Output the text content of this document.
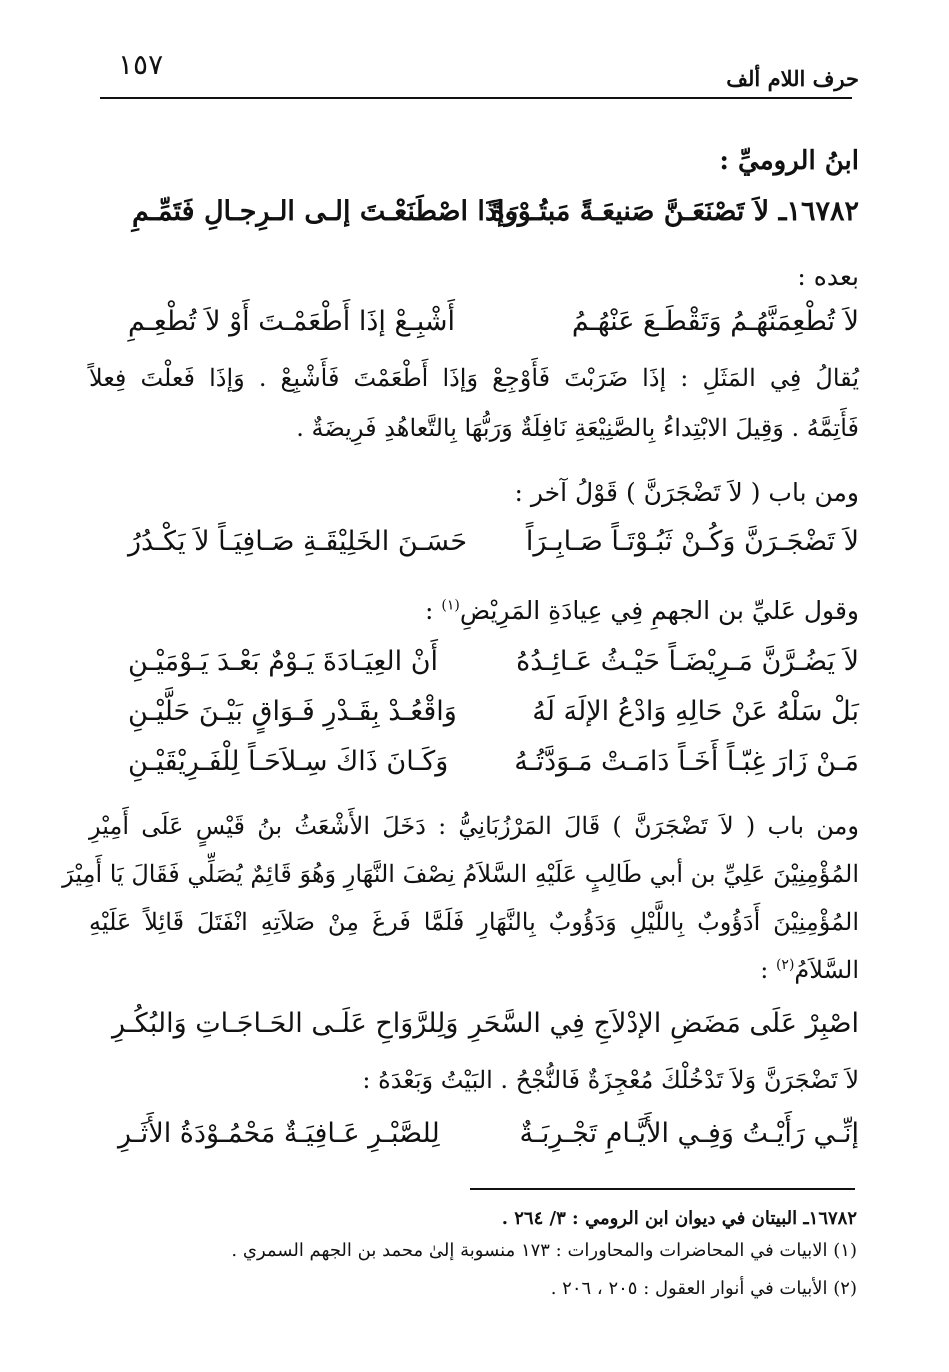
١٥٧	حرف اللام ألف
ابنُ الروميِّ :
١٦٧٨٢ـ لاَ تَصْنَعَـنَّ صَنيعَـةً مَبتُـوْرَةً
وإذَا اصْطَنَعْـتَ إلـى الـرِجـالِ فَتَمِّـمِ
بعده :
لاَ تُطْعِمَنَّهُـمُ وَتَقْطَـعَ عَنْهُـمُ
أَشْبِـعْ إذَا أَطْعَمْـتَ أَوْ لاَ تُطْعِـمِ
يُقالُ فِي المَثَلِ : إذَا ضَرَبْتَ فَأَوْجِعْ وَإذَا أَطْعَمْتَ فَأَشْبِعْ . وَإذَا فَعلْتَ فِعلاً
فَأَتِمَّهُ . وَقِيلَ الابْتِداءُ بِالصَّنِيْعَةِ نَافِلَةٌ وَرَبُّهَا بِالتَّعاهُدِ فَرِيضَةٌ .
ومن باب ( لاَ تَضْجَرَنَّ ) قَوْلُ آخر :
لاَ تَضْجَـرَنَّ وَكُـنْ ثَبُـوْتَـاً صَـابِـرَاً
حَسَـنَ الخَلِيْقَـةِ صَـافِيَـاً لاَ يَكْـدُرُ
وقول عَليِّ بن الجهمِ فِي عِيادَةِ المَرِيْضِ$^{(١)}$ :
لاَ يَضُـرَّنَّ مَـرِيْضَـاً حَيْـثُ عَـائِـدُهُ
أَنْ العِيَـادَةَ يَـوْمٌ بَعْـدَ يَـوْمَيْـنِ
بَلْ سَلْهُ عَنْ حَالِهِ وَادْعُ الإلَهَ لَهُ
وَاقْعُـدْ بِقَـدْرِ فَـوَاقٍ بَيْـنَ حَلَّيْـنِ
مَـنْ زَارَ غِبّـاً أَخَـاً دَامَـتْ مَـوَدَّتُـهُ
وَكَـانَ ذَاكَ سِـلاَحَـاً لِلْفَـرِيْقَيْـنِ
ومن باب ( لاَ تَضْجَرَنَّ ) قَالَ المَرْزُبَانِيُّ : دَخَلَ الأَشْعَثُ بنُ قَيْسٍ عَلَى أَمِيْرِ
المُؤْمِنِيْنَ عَلِيِّ بن أبي طَالِبٍ عَلَيْهِ السَّلاَمُ نِصْفَ النَّهَارِ وَهُوَ قَائِمٌ يُصَلِّي فَقَالَ يَا أَمِيْرَ
المُؤْمِنِيْنَ أَدَؤُوبٌ بِاللَّيْلِ وَدَؤُوبٌ بِالنَّهَارِ فَلَمَّا فَرغَ مِنْ صَلاَتِهِ انْفَتَلَ قَائِلاً عَلَيْهِ
السَّلاَمُ$^{(٢)}$ :
اصْبِرْ عَلَى مَضَضِ الإدْلاَجِ فِي السَّحَرِ
وَلِلرَّوَاحِ عَلَـى الحَـاجَـاتِ وَالبُكُـرِ
لاَ تَضْجَرَنَّ وَلاَ تَدْخُلْكَ مُعْجِزَةٌ فَالنُّجْحُ . البَيْتُ وَبَعْدَهُ :
إنِّـي رَأَيْـتُ وَفِـي الأَيَّـامِ تَجْـرِبَـةٌ
لِلصَّبْـرِ عَـافِيَـةٌ مَحْمُـوْدَةُ الأَثَـرِ
١٦٧٨٢ـ البيتان في ديوان ابن الرومي : ٣/ ٢٦٤ .
(١) الابيات في المحاضرات والمحاورات : ١٧٣ منسوبة إلىٰ محمد بن الجهم السمري .
(٢) الأبيات في أنوار العقول : ٢٠٥ ، ٢٠٦ .
